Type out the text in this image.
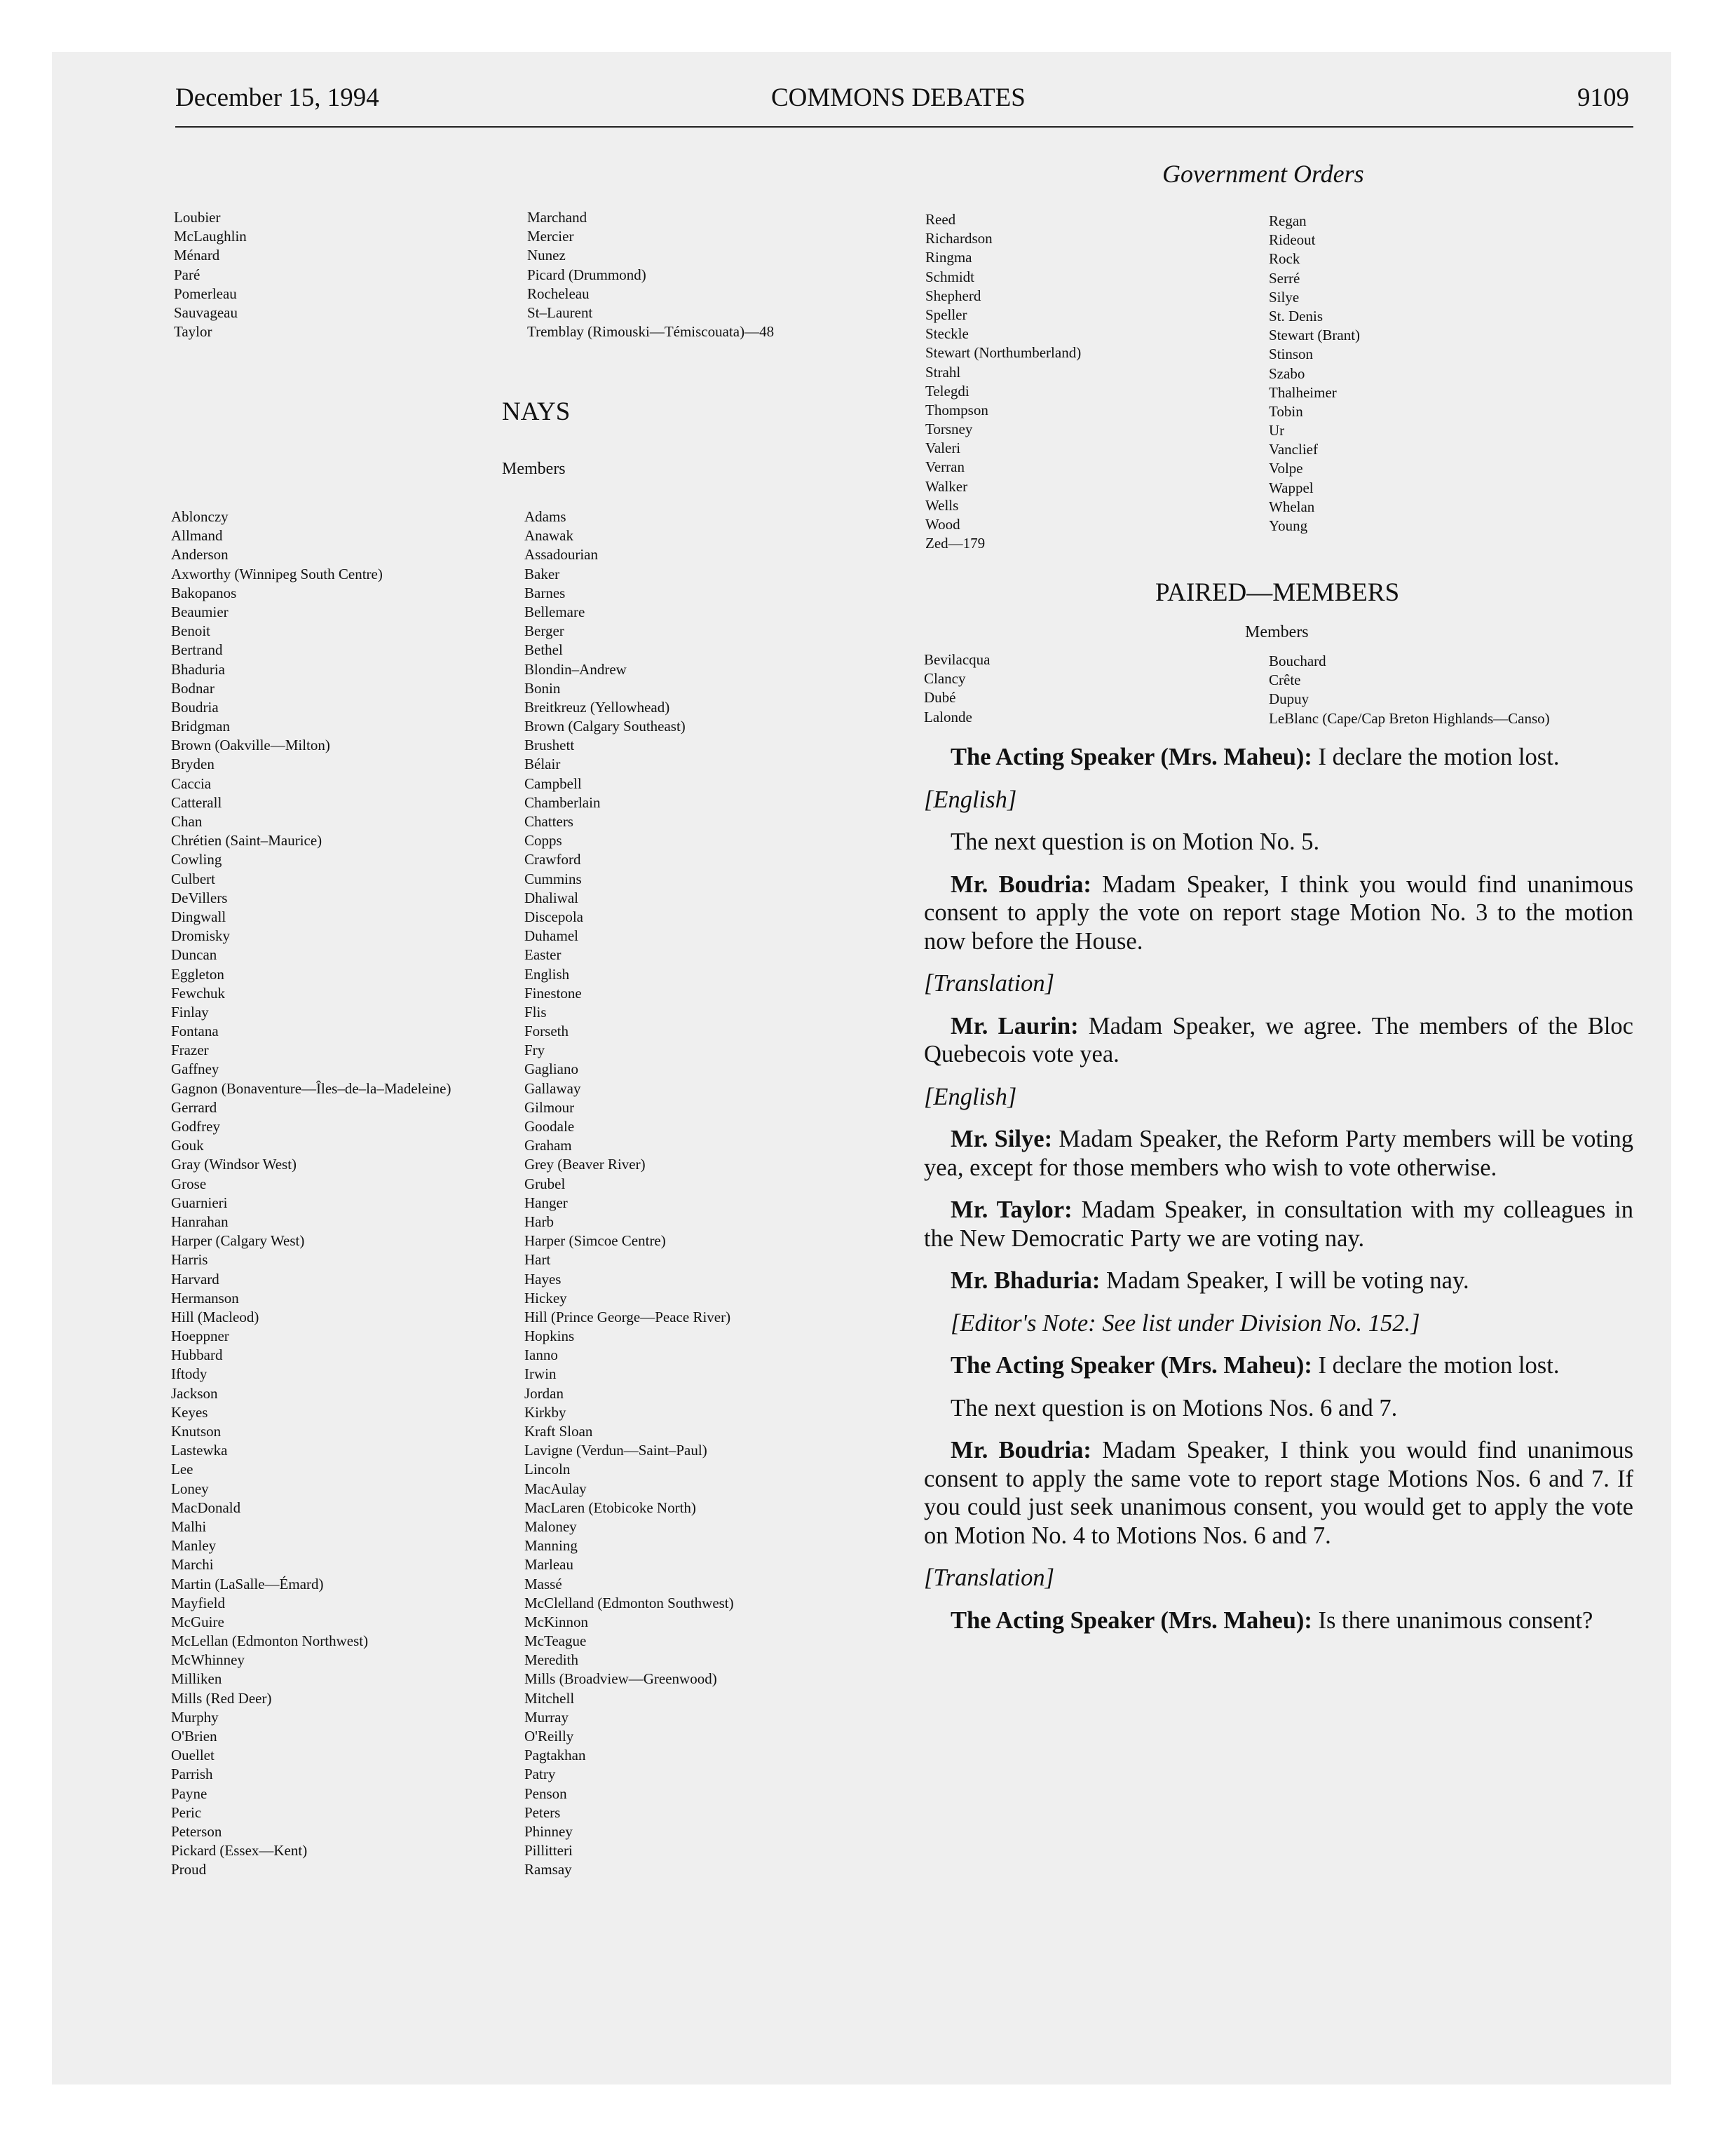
December 15, 1994	COMMONS DEBATES	9109
Government Orders
Loubier
McLaughlin
Ménard
Paré
Pomerleau
Sauvageau
Taylor
Marchand
Mercier
Nunez
Picard (Drummond)
Rocheleau
St–Laurent
Tremblay (Rimouski—Témiscouata)—48
NAYS
Members
Ablonczy
Allmand
Anderson
Axworthy (Winnipeg South Centre)
Bakopanos
Beaumier
Benoit
Bertrand
Bhaduria
Bodnar
Boudria
Bridgman
Brown (Oakville—Milton)
Bryden
Caccia
Catterall
Chan
Chrétien (Saint–Maurice)
Cowling
Culbert
DeVillers
Dingwall
Dromisky
Duncan
Eggleton
Fewchuk
Finlay
Fontana
Frazer
Gaffney
Gagnon (Bonaventure—Îles–de–la–Madeleine)
Gerrard
Godfrey
Gouk
Gray (Windsor West)
Grose
Guarnieri
Hanrahan
Harper (Calgary West)
Harris
Harvard
Hermanson
Hill (Macleod)
Hoeppner
Hubbard
Iftody
Jackson
Keyes
Knutson
Lastewka
Lee
Loney
MacDonald
Malhi
Manley
Marchi
Martin (LaSalle—Émard)
Mayfield
McGuire
McLellan (Edmonton Northwest)
McWhinney
Milliken
Mills (Red Deer)
Murphy
O'Brien
Ouellet
Parrish
Payne
Peric
Peterson
Pickard (Essex—Kent)
Proud
Adams
Anawak
Assadourian
Baker
Barnes
Bellemare
Berger
Bethel
Blondin–Andrew
Bonin
Breitkreuz (Yellowhead)
Brown (Calgary Southeast)
Brushett
Bélair
Campbell
Chamberlain
Chatters
Copps
Crawford
Cummins
Dhaliwal
Discepola
Duhamel
Easter
English
Finestone
Flis
Forseth
Fry
Gagliano
Gallaway
Gilmour
Goodale
Graham
Grey (Beaver River)
Grubel
Hanger
Harb
Harper (Simcoe Centre)
Hart
Hayes
Hickey
Hill (Prince George—Peace River)
Hopkins
Ianno
Irwin
Jordan
Kirkby
Kraft Sloan
Lavigne (Verdun—Saint–Paul)
Lincoln
MacAulay
MacLaren (Etobicoke North)
Maloney
Manning
Marleau
Massé
McClelland (Edmonton Southwest)
McKinnon
McTeague
Meredith
Mills (Broadview—Greenwood)
Mitchell
Murray
O'Reilly
Pagtakhan
Patry
Penson
Peters
Phinney
Pillitteri
Ramsay
Reed
Richardson
Ringma
Schmidt
Shepherd
Speller
Steckle
Stewart (Northumberland)
Strahl
Telegdi
Thompson
Torsney
Valeri
Verran
Walker
Wells
Wood
Zed—179
Regan
Rideout
Rock
Serré
Silye
St. Denis
Stewart (Brant)
Stinson
Szabo
Thalheimer
Tobin
Ur
Vanclief
Volpe
Wappel
Whelan
Young
PAIRED—MEMBERS
Members
Bevilacqua
Clancy
Dubé
Lalonde
Bouchard
Crête
Dupuy
LeBlanc (Cape/Cap Breton Highlands—Canso)

The Acting Speaker (Mrs. Maheu): I declare the motion lost.

[English]

The next question is on Motion No. 5.

Mr. Boudria: Madam Speaker, I think you would find unanimous consent to apply the vote on report stage Motion No. 3 to the motion now before the House.

[Translation]

Mr. Laurin: Madam Speaker, we agree. The members of the Bloc Quebecois vote yea.

[English]

Mr. Silye: Madam Speaker, the Reform Party members will be voting yea, except for those members who wish to vote otherwise.

Mr. Taylor: Madam Speaker, in consultation with my colleagues in the New Democratic Party we are voting nay.

Mr. Bhaduria: Madam Speaker, I will be voting nay.

[Editor's Note: See list under Division No. 152.]

The Acting Speaker (Mrs. Maheu): I declare the motion lost.

The next question is on Motions Nos. 6 and 7.

Mr. Boudria: Madam Speaker, I think you would find unanimous consent to apply the same vote to report stage Motions Nos. 6 and 7. If you could just seek unanimous consent, you would get to apply the vote on Motion No. 4 to Motions Nos. 6 and 7.

[Translation]

The Acting Speaker (Mrs. Maheu): Is there unanimous consent?
